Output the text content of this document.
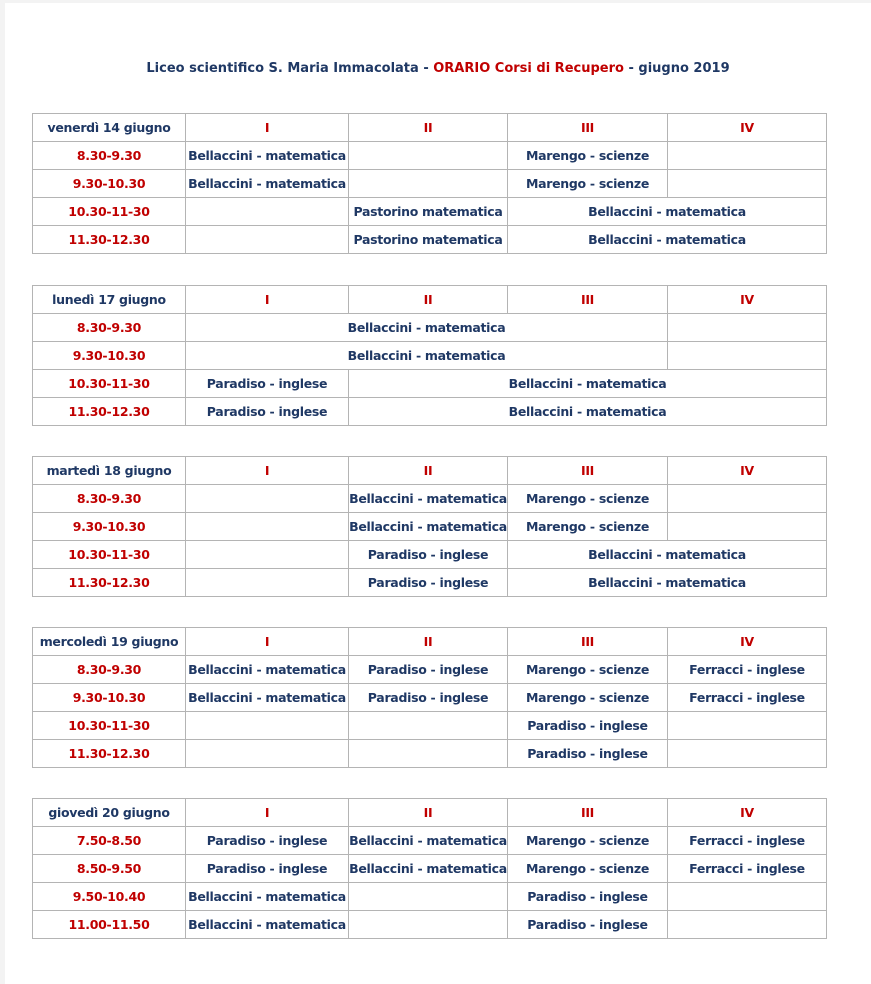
Liceo scientifico S. Maria Immacolata - ORARIO Corsi di Recupero - giugno 2019
venerdì 14 giugno	I	II	III	IV
8.30-9.30	Bellaccini - matematica		Marengo - scienze	
9.30-10.30	Bellaccini - matematica		Marengo - scienze	
10.30-11-30		Pastorino matematica	Bellaccini - matematica	
11.30-12.30		Pastorino matematica	Bellaccini - matematica	
lunedì 17 giugno	I	II	III	IV
8.30-9.30	Bellaccini - matematica			
9.30-10.30	Bellaccini - matematica			
10.30-11-30	Paradiso - inglese	Bellaccini - matematica		
11.30-12.30	Paradiso - inglese	Bellaccini - matematica		
martedì 18 giugno	I	II	III	IV
8.30-9.30		Bellaccini - matematica	Marengo - scienze	
9.30-10.30		Bellaccini - matematica	Marengo - scienze	
10.30-11-30		Paradiso - inglese	Bellaccini - matematica	
11.30-12.30		Paradiso - inglese	Bellaccini - matematica	
mercoledì 19 giugno	I	II	III	IV
8.30-9.30	Bellaccini - matematica	Paradiso - inglese	Marengo - scienze	Ferracci - inglese
9.30-10.30	Bellaccini - matematica	Paradiso - inglese	Marengo - scienze	Ferracci - inglese
10.30-11-30			Paradiso - inglese	
11.30-12.30			Paradiso - inglese	
giovedì 20 giugno	I	II	III	IV
7.50-8.50	Paradiso - inglese	Bellaccini - matematica	Marengo - scienze	Ferracci - inglese
8.50-9.50	Paradiso - inglese	Bellaccini - matematica	Marengo - scienze	Ferracci - inglese
9.50-10.40	Bellaccini - matematica		Paradiso - inglese	
11.00-11.50	Bellaccini - matematica		Paradiso - inglese	
